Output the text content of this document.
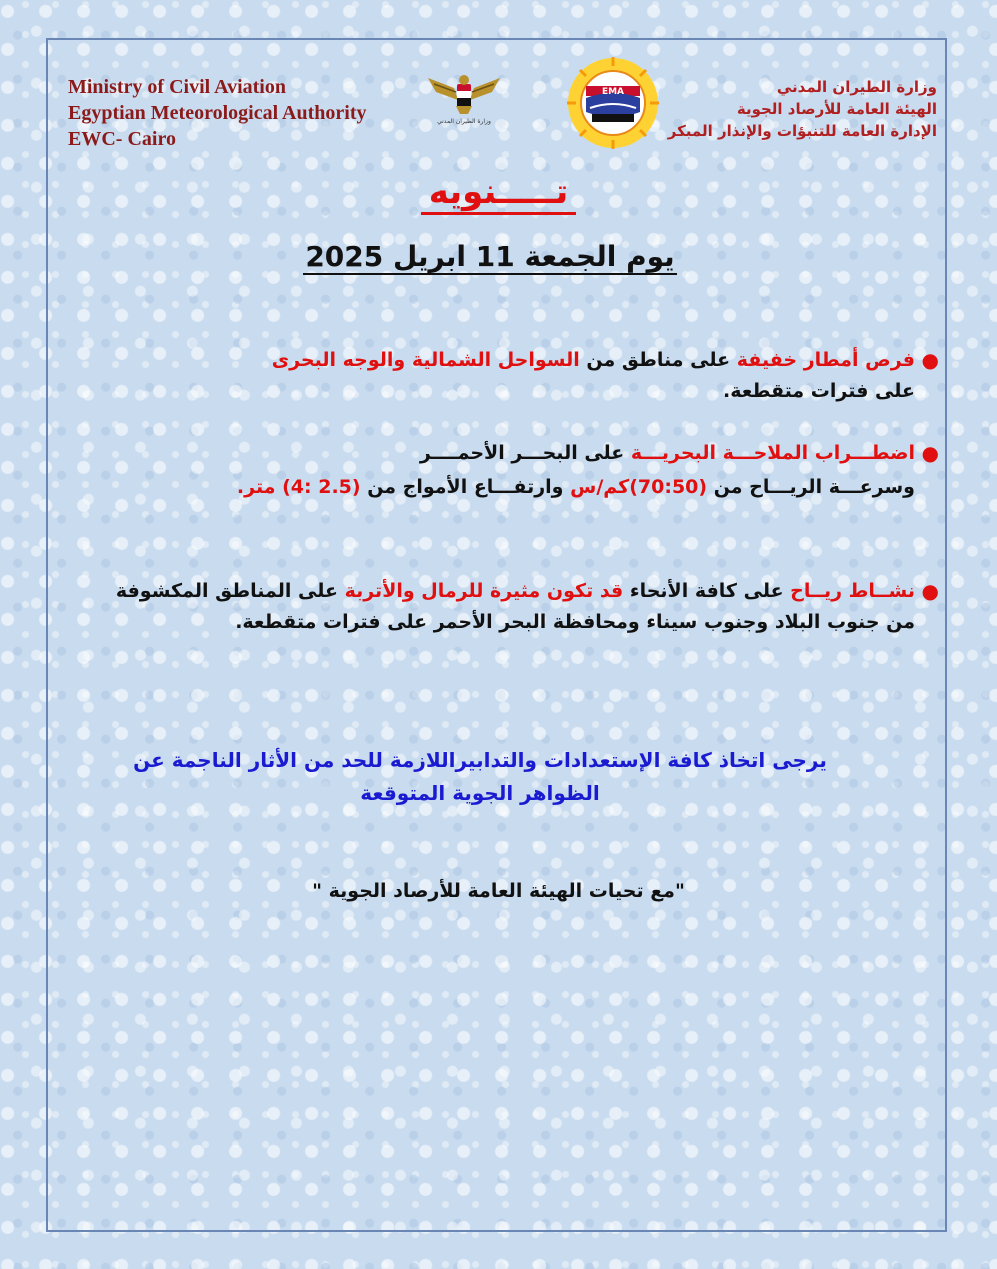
Ministry of Civil Aviation
Egyptian Meteorological Authority
EWC- Cairo
وزارة الطيران المدني
EMA	وزارة الطيران المدني
الهيئة العامة للأرصاد الجوية
الإدارة العامة للتنبؤات والإنذار المبكر
تـــــنويه
يوم الجمعة 11 ابريل 2025
●
فرص أمطار خفيفة على مناطق من السواحل الشمالية والوجه البحرى
على فترات متقطعة.
●
اضطـــراب الملاحـــة البحريـــة على البحـــر الأحمــــر
وسرعـــة الريـــاح من (70:50)كم/س وارتفـــاع الأمواج من (2.5 :4) متر.
●
نشــاط ريــاح على كافة الأنحاء قد تكون مثيرة للرمال والأتربة على المناطق المكشوفة
من جنوب البلاد وجنوب سيناء ومحافظة البحر الأحمر على فترات متقطعة.
يرجى اتخاذ كافة الإستعدادات والتدابيراللازمة للحد من الأثار الناجمة عن
الظواهر الجوية المتوقعة
"مع تحيات الهيئة العامة للأرصاد الجوية "
